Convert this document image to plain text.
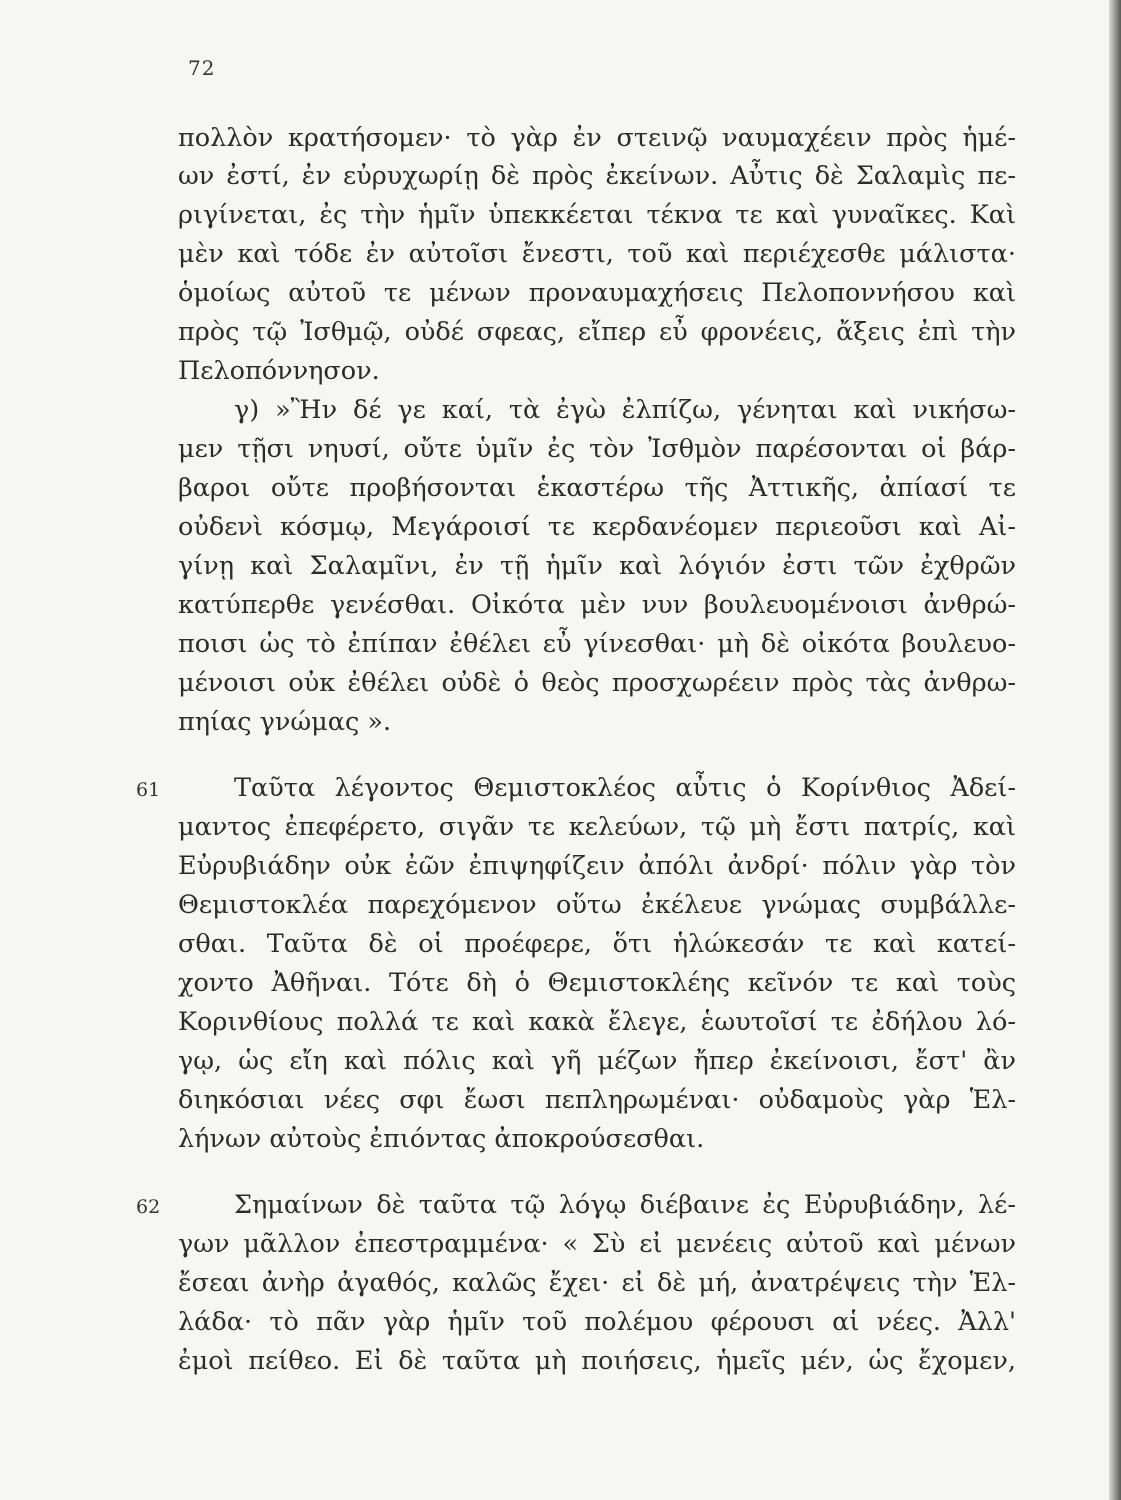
72
61
62
πολλὸν κρατήσομεν· τὸ γὰρ ἐν στεινῷ ναυμαχέειν πρὸς ἡμέ-
ων ἐστί, ἐν εὐρυχωρίῃ δὲ πρὸς ἐκείνων. Αὖτις δὲ Σαλαμὶς πε-
ριγίνεται, ἐς τὴν ἡμῖν ὑπεκκέεται τέκνα τε καὶ γυναῖκες. Καὶ
μὲν καὶ τόδε ἐν αὐτοῖσι ἔνεστι, τοῦ καὶ περιέχεσθε μάλιστα·
ὁμοίως αὐτοῦ τε μένων προναυμαχήσεις Πελοποννήσου καὶ
πρὸς τῷ Ἰσθμῷ, οὐδέ σφεας, εἴπερ εὖ φρονέεις, ἄξεις ἐπὶ τὴν
Πελοπόννησον.
γ) »Ἢν δέ γε καί, τὰ ἐγὼ ἐλπίζω, γένηται καὶ νικήσω-
μεν τῇσι νηυσί, οὔτε ὑμῖν ἐς τὸν Ἰσθμὸν παρέσονται οἱ βάρ-
βαροι οὔτε προβήσονται ἑκαστέρω τῆς Ἀττικῆς, ἀπίασί τε
οὐδενὶ κόσμῳ, Μεγάροισί τε κερδανέομεν περιεοῦσι καὶ Αἰ-
γίνῃ καὶ Σαλαμῖνι, ἐν τῇ ἡμῖν καὶ λόγιόν ἐστι τῶν ἐχθρῶν
κατύπερθε γενέσθαι. Οἰκότα μὲν νυν βουλευομένοισι ἀνθρώ-
ποισι ὡς τὸ ἐπίπαν ἐθέλει εὖ γίνεσθαι· μὴ δὲ οἰκότα βουλευο-
μένοισι οὐκ ἐθέλει οὐδὲ ὁ θεὸς προσχωρέειν πρὸς τὰς ἀνθρω-
πηίας γνώμας ».
Ταῦτα λέγοντος Θεμιστοκλέος αὖτις ὁ Κορίνθιος Ἀδεί-
μαντος ἐπεφέρετο, σιγᾶν τε κελεύων, τῷ μὴ ἔστι πατρίς, καὶ
Εὐρυβιάδην οὐκ ἐῶν ἐπιψηφίζειν ἀπόλι ἀνδρί· πόλιν γὰρ τὸν
Θεμιστοκλέα παρεχόμενον οὕτω ἐκέλευε γνώμας συμβάλλε-
σθαι. Ταῦτα δὲ οἱ προέφερε, ὅτι ἡλώκεσάν τε καὶ κατεί-
χοντο Ἀθῆναι. Τότε δὴ ὁ Θεμιστοκλέης κεῖνόν τε καὶ τοὺς
Κορινθίους πολλά τε καὶ κακὰ ἔλεγε, ἑωυτοῖσί τε ἐδήλου λό-
γῳ, ὡς εἴη καὶ πόλις καὶ γῆ μέζων ἤπερ ἐκείνοισι, ἔστ' ἂν
διηκόσιαι νέες σφι ἔωσι πεπληρωμέναι· οὐδαμοὺς γὰρ Ἑλ-
λήνων αὐτοὺς ἐπιόντας ἀποκρούσεσθαι.
Σημαίνων δὲ ταῦτα τῷ λόγῳ διέβαινε ἐς Εὐρυβιάδην, λέ-
γων μᾶλλον ἐπεστραμμένα· « Σὺ εἰ μενέεις αὐτοῦ καὶ μένων
ἔσεαι ἀνὴρ ἀγαθός, καλῶς ἔχει· εἰ δὲ μή, ἀνατρέψεις τὴν Ἑλ-
λάδα· τὸ πᾶν γὰρ ἡμῖν τοῦ πολέμου φέρουσι αἱ νέες. Ἀλλ'
ἐμοὶ πείθεο. Εἰ δὲ ταῦτα μὴ ποιήσεις, ἡμεῖς μέν, ὡς ἔχομεν,
